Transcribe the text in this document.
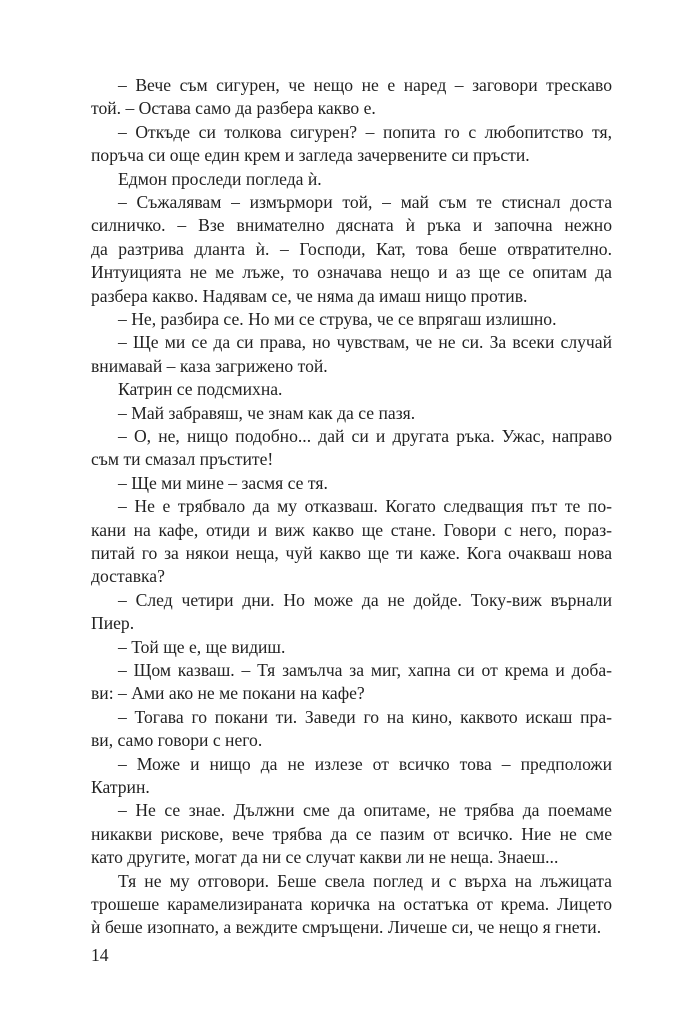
– Вече съм сигурен, че нещо не е наред – заговори трескаво
той. – Остава само да разбера какво е.
– Откъде си толкова сигурен? – попита го с любопитство тя,
поръча си още един крем и загледа зачервените си пръсти.
Едмон проследи погледа ѝ.
– Съжалявам – измърмори той, – май съм те стиснал доста
силничко. – Взе внимателно дясната ѝ ръка и започна нежно
да разтрива дланта ѝ. – Господи, Кат, това беше отвратително.
Интуицията не ме лъже, то означава нещо и аз ще се опитам да
разбера какво. Надявам се, че няма да имаш нищо против.
– Не, разбира се. Но ми се струва, че се впрягаш излишно.
– Ще ми се да си права, но чувствам, че не си. За всеки случай
внимавай – каза загрижено той.
Катрин се подсмихна.
– Май забравяш, че знам как да се пазя.
– О, не, нищо подобно... дай си и другата ръка. Ужас, направо
съм ти смазал пръстите!
– Ще ми мине – засмя се тя.
– Не е трябвало да му отказваш. Когато следващия път те по-
кани на кафе, отиди и виж какво ще стане. Говори с него, пораз-
питай го за някои неща, чуй какво ще ти каже. Кога очакваш нова
доставка?
– След четири дни. Но може да не дойде. Току-виж върнали
Пиер.
– Той ще е, ще видиш.
– Щом казваш. – Тя замълча за миг, хапна си от крема и доба-
ви: – Ами ако не ме покани на кафе?
– Тогава го покани ти. Заведи го на кино, каквото искаш пра-
ви, само говори с него.
– Може и нищо да не излезе от всичко това – предположи
Катрин.
– Не се знае. Дължни сме да опитаме, не трябва да поемаме
никакви рискове, вече трябва да се пазим от всичко. Ние не сме
като другите, могат да ни се случат какви ли не неща. Знаеш...
Тя не му отговори. Беше свела поглед и с върха на лъжицата
трошеше карамелизираната коричка на остатъка от крема. Лицето
ѝ беше изопнато, а веждите смръщени. Личеше си, че нещо я гнети.
14
